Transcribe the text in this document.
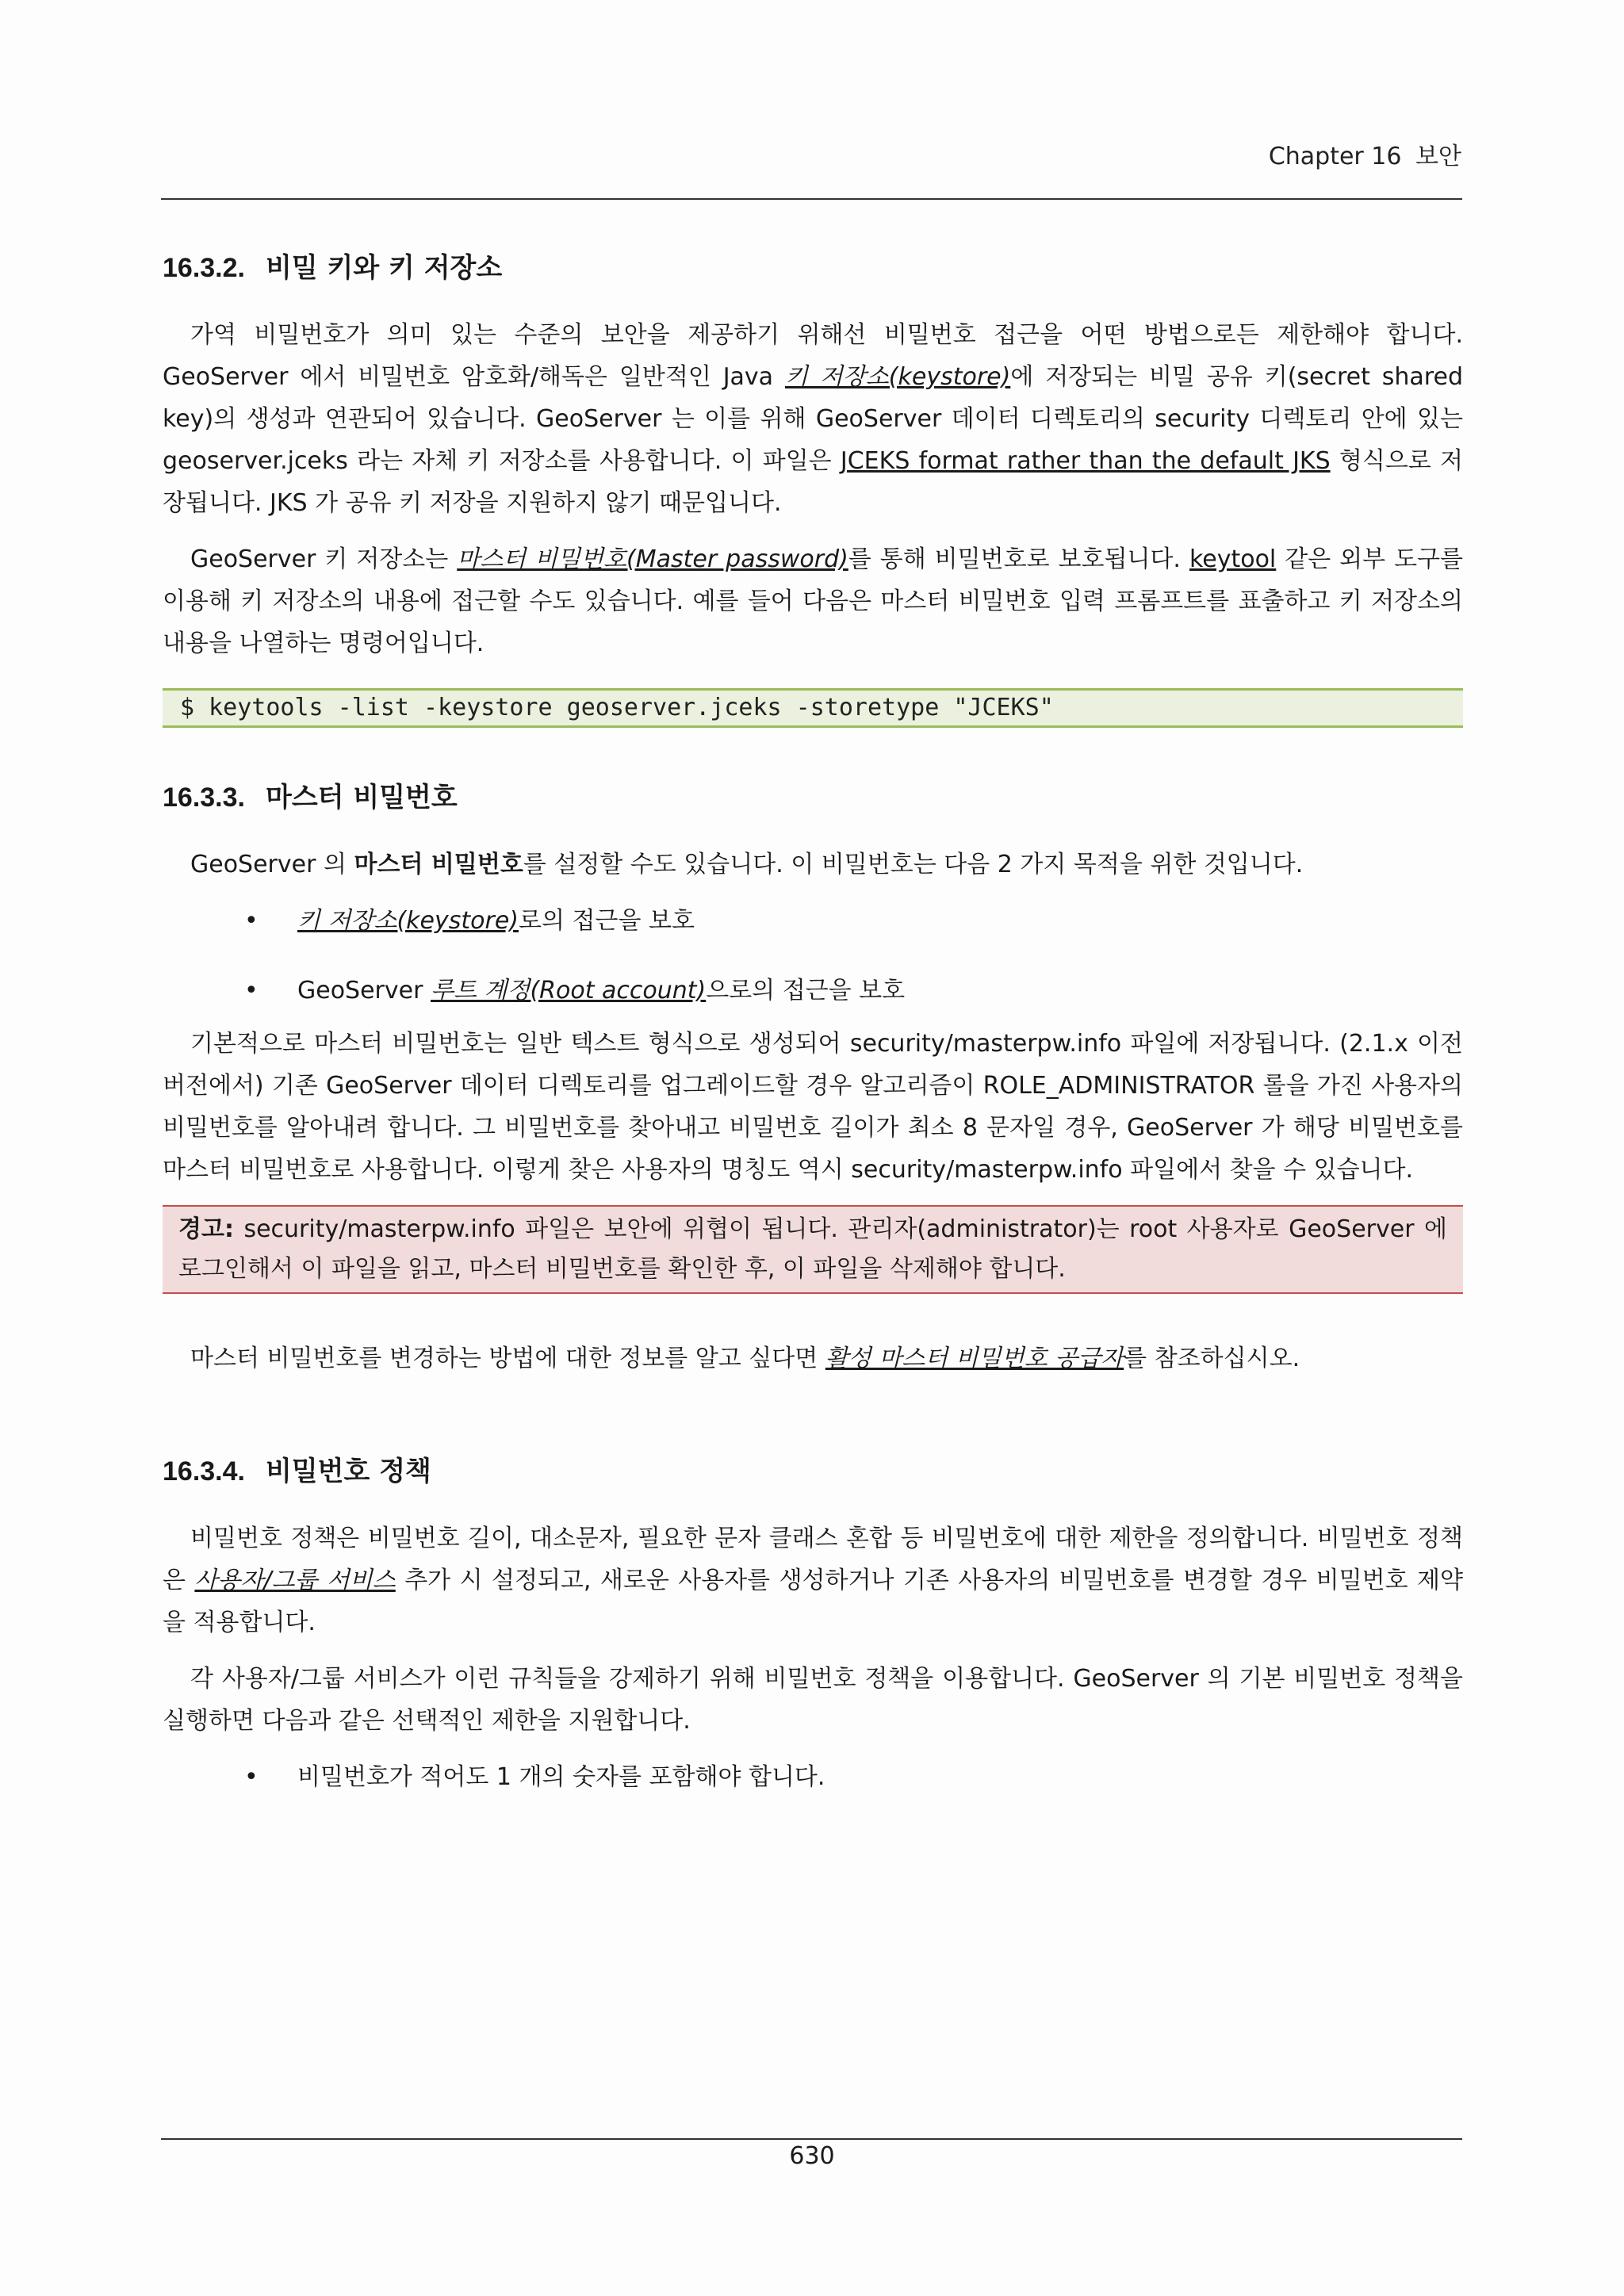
Chapter 16 보안
16.3.2. 비밀 키와 키 저장소

가역 비밀번호가 의미 있는 수준의 보안을 제공하기 위해선 비밀번호 접근을 어떤 방법으로든 제한해야 합니다. GeoServer 에서 비밀번호 암호화/해독은 일반적인 Java 키 저장소(keystore)에 저장되는 비밀 공유 키(secret shared key)의 생성과 연관되어 있습니다. GeoServer 는 이를 위해 GeoServer 데이터 디렉토리의 security 디렉토리 안에 있는 geoserver.jceks 라는 자체 키 저장소를 사용합니다. 이 파일은 JCEKS format rather than the default JKS 형식으로 저장됩니다. JKS 가 공유 키 저장을 지원하지 않기 때문입니다.

GeoServer 키 저장소는 마스터 비밀번호(Master password)를 통해 비밀번호로 보호됩니다. keytool 같은 외부 도구를 이용해 키 저장소의 내용에 접근할 수도 있습니다. 예를 들어 다음은 마스터 비밀번호 입력 프롬프트를 표출하고 키 저장소의 내용을 나열하는 명령어입니다.

$ keytools -list -keystore geoserver.jceks -storetype "JCEKS"
16.3.3. 마스터 비밀번호

GeoServer 의 마스터 비밀번호를 설정할 수도 있습니다. 이 비밀번호는 다음 2 가지 목적을 위한 것입니다.

• 키 저장소(keystore)로의 접근을 보호
• GeoServer 루트 계정(Root account)으로의 접근을 보호

기본적으로 마스터 비밀번호는 일반 텍스트 형식으로 생성되어 security/masterpw.info 파일에 저장됩니다. (2.1.x 이전 버전에서) 기존 GeoServer 데이터 디렉토리를 업그레이드할 경우 알고리즘이 ROLE_ADMINISTRATOR 롤을 가진 사용자의 비밀번호를 알아내려 합니다. 그 비밀번호를 찾아내고 비밀번호 길이가 최소 8 문자일 경우, GeoServer 가 해당 비밀번호를 마스터 비밀번호로 사용합니다. 이렇게 찾은 사용자의 명칭도 역시 security/masterpw.info 파일에서 찾을 수 있습니다.

경고: security/masterpw.info 파일은 보안에 위협이 됩니다. 관리자(administrator)는 root 사용자로 GeoServer 에 로그인해서 이 파일을 읽고, 마스터 비밀번호를 확인한 후, 이 파일을 삭제해야 합니다.

마스터 비밀번호를 변경하는 방법에 대한 정보를 알고 싶다면 활성 마스터 비밀번호 공급자를 참조하십시오.

16.3.4. 비밀번호 정책

비밀번호 정책은 비밀번호 길이, 대소문자, 필요한 문자 클래스 혼합 등 비밀번호에 대한 제한을 정의합니다. 비밀번호 정책은 사용자/그룹 서비스 추가 시 설정되고, 새로운 사용자를 생성하거나 기존 사용자의 비밀번호를 변경할 경우 비밀번호 제약을 적용합니다.

각 사용자/그룹 서비스가 이런 규칙들을 강제하기 위해 비밀번호 정책을 이용합니다. GeoServer 의 기본 비밀번호 정책을 실행하면 다음과 같은 선택적인 제한을 지원합니다.

• 비밀번호가 적어도 1 개의 숫자를 포함해야 합니다.
630
